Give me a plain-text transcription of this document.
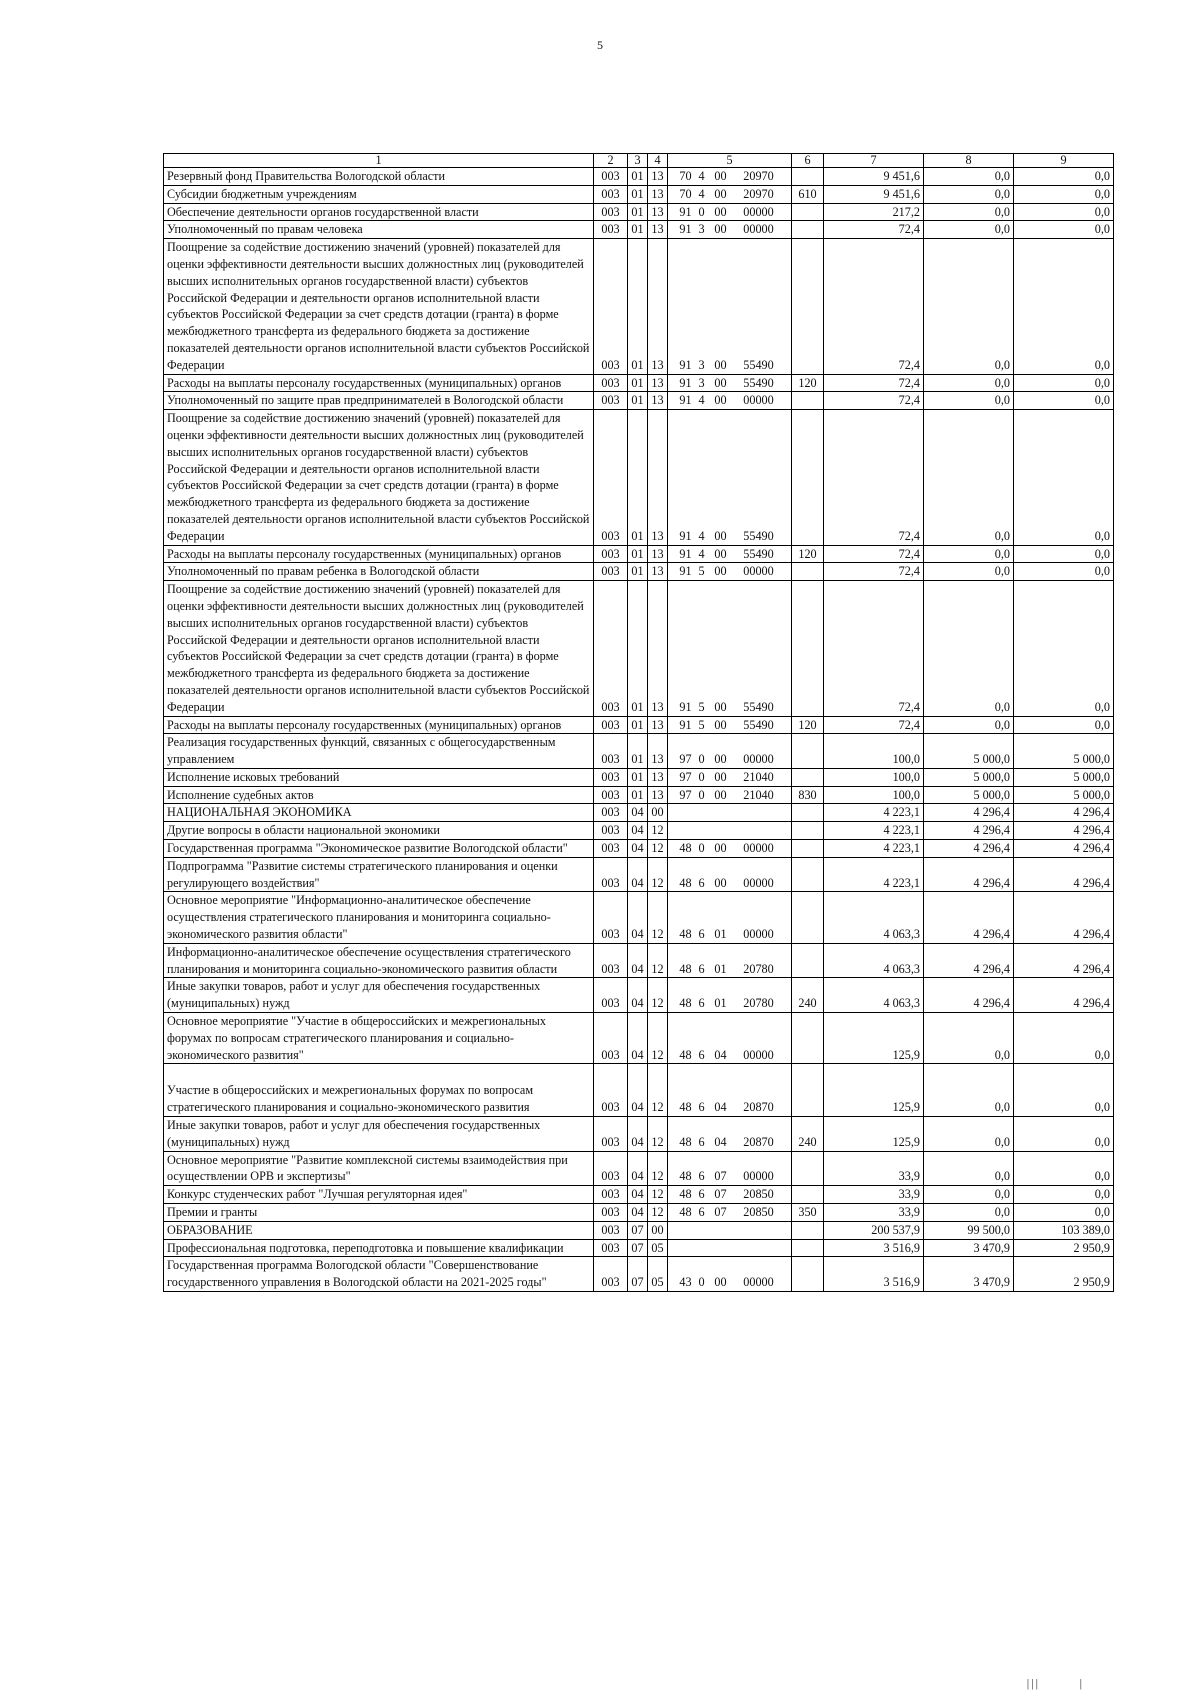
5
1	2	3	4	5	6	7	8	9
Резервный фонд Правительства Вологодской области	003	01	13	70 4 00 20970		9 451,6	0,0	0,0
Субсидии бюджетным учреждениям	003	01	13	70 4 00 20970	610	9 451,6	0,0	0,0
Обеспечение деятельности органов государственной власти	003	01	13	91 0 00 00000		217,2	0,0	0,0
Уполномоченный по правам человека	003	01	13	91 3 00 00000		72,4	0,0	0,0
Поощрение за содействие достижению значений (уровней) показателей для оценки эффективности деятельности высших должностных лиц (руководителей высших исполнительных органов государственной власти) субъектов Российской Федерации и деятельности органов исполнительной власти субъектов Российской Федерации за счет средств дотации (гранта) в форме межбюджетного трансферта из федерального бюджета за достижение показателей деятельности органов исполнительной власти субъектов Российской Федерации	003	01	13	91 3 00 55490		72,4	0,0	0,0
Расходы на выплаты персоналу государственных (муниципальных) органов	003	01	13	91 3 00 55490	120	72,4	0,0	0,0
Уполномоченный по защите прав предпринимателей в Вологодской области	003	01	13	91 4 00 00000		72,4	0,0	0,0
Поощрение за содействие достижению значений (уровней) показателей для оценки эффективности деятельности высших должностных лиц (руководителей высших исполнительных органов государственной власти) субъектов Российской Федерации и деятельности органов исполнительной власти субъектов Российской Федерации за счет средств дотации (гранта) в форме межбюджетного трансферта из федерального бюджета за достижение показателей деятельности органов исполнительной власти субъектов Российской Федерации	003	01	13	91 4 00 55490		72,4	0,0	0,0
Расходы на выплаты персоналу государственных (муниципальных) органов	003	01	13	91 4 00 55490	120	72,4	0,0	0,0
Уполномоченный по правам ребенка в Вологодской области	003	01	13	91 5 00 00000		72,4	0,0	0,0
Поощрение за содействие достижению значений (уровней) показателей для оценки эффективности деятельности высших должностных лиц (руководителей высших исполнительных органов государственной власти) субъектов Российской Федерации и деятельности органов исполнительной власти субъектов Российской Федерации за счет средств дотации (гранта) в форме межбюджетного трансферта из федерального бюджета за достижение показателей деятельности органов исполнительной власти субъектов Российской Федерации	003	01	13	91 5 00 55490		72,4	0,0	0,0
Расходы на выплаты персоналу государственных (муниципальных) органов	003	01	13	91 5 00 55490	120	72,4	0,0	0,0
Реализация государственных функций, связанных с общегосударственным управлением	003	01	13	97 0 00 00000		100,0	5 000,0	5 000,0
Исполнение исковых требований	003	01	13	97 0 00 21040		100,0	5 000,0	5 000,0
Исполнение судебных актов	003	01	13	97 0 00 21040	830	100,0	5 000,0	5 000,0
НАЦИОНАЛЬНАЯ ЭКОНОМИКА	003	04	00			4 223,1	4 296,4	4 296,4
Другие вопросы в области национальной экономики	003	04	12			4 223,1	4 296,4	4 296,4
Государственная программа "Экономическое развитие Вологодской области"	003	04	12	48 0 00 00000		4 223,1	4 296,4	4 296,4
Подпрограмма "Развитие системы стратегического планирования и оценки регулирующего воздействия"	003	04	12	48 6 00 00000		4 223,1	4 296,4	4 296,4
Основное мероприятие "Информационно-аналитическое обеспечение осуществления стратегического планирования и мониторинга социально-экономического развития области"	003	04	12	48 6 01 00000		4 063,3	4 296,4	4 296,4
Информационно-аналитическое обеспечение осуществления стратегического планирования и мониторинга социально-экономического развития области	003	04	12	48 6 01 20780		4 063,3	4 296,4	4 296,4
Иные закупки товаров, работ и услуг для обеспечения государственных (муниципальных) нужд	003	04	12	48 6 01 20780	240	4 063,3	4 296,4	4 296,4
Основное мероприятие "Участие в общероссийских и межрегиональных форумах по вопросам стратегического планирования и социально-экономического развития"	003	04	12	48 6 04 00000		125,9	0,0	0,0
Участие в общероссийских и межрегиональных форумах по вопросам стратегического планирования и социально-экономического развития	003	04	12	48 6 04 20870		125,9	0,0	0,0
Иные закупки товаров, работ и услуг для обеспечения государственных (муниципальных) нужд	003	04	12	48 6 04 20870	240	125,9	0,0	0,0
Основное мероприятие "Развитие комплексной системы взаимодействия при осуществлении ОРВ и экспертизы"	003	04	12	48 6 07 00000		33,9	0,0	0,0
Конкурс студенческих работ "Лучшая регуляторная идея"	003	04	12	48 6 07 20850		33,9	0,0	0,0
Премии и гранты	003	04	12	48 6 07 20850	350	33,9	0,0	0,0
ОБРАЗОВАНИЕ	003	07	00			200 537,9	99 500,0	103 389,0
Профессиональная подготовка, переподготовка и повышение квалификации	003	07	05			3 516,9	3 470,9	2 950,9
Государственная программа Вологодской области "Совершенствование государственного управления в Вологодской области на 2021-2025 годы"	003	07	05	43 0 00 00000		3 516,9	3 470,9	2 950,9
|||	|
